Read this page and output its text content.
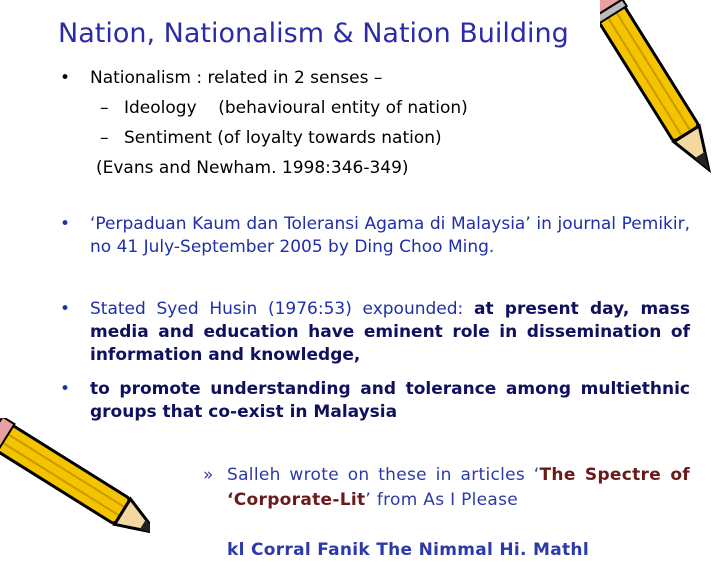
Nation, Nationalism & Nation Building
• Nationalism : related in 2 senses –
– Ideology    (behavioural entity of nation)
– Sentiment (of loyalty towards nation)
(Evans and Newham. 1998:346-349)
• ‘Perpaduan Kaum dan Toleransi Agama di Malaysia’ in journal Pemikir, no 41 July-September 2005 by Ding Choo Ming.
• Stated Syed Husin (1976:53) expounded: at present day, mass media and education have eminent role in dissemination of information and knowledge,
• to promote understanding and tolerance among multiethnic groups that co-exist in Malaysia
» Salleh wrote on these in articles ‘The Spectre of ‘Corporate-Lit’ from As I Please
kl Corral Fanik The Nimmal Hi. Mathl
